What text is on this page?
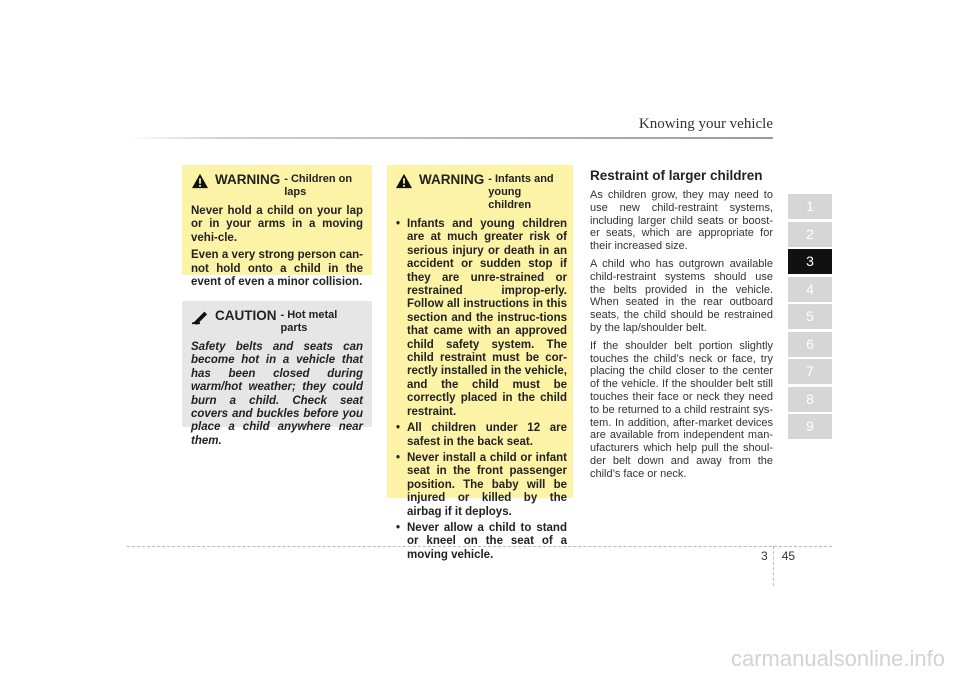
Knowing your vehicle
WARNING - Children on laps

Never hold a child on your lap or in your arms in a moving vehi-cle.

Even a very strong person can-not hold onto a child in the event of even a minor collision.

CAUTION - Hot metal parts

Safety belts and seats can become hot in a vehicle that has been closed during warm/hot weather; they could burn a child. Check seat covers and buckles before you place a child anywhere near them.

WARNING - Infants and young children
• Infants and young children are at much greater risk of serious injury or death in an accident or sudden stop if they are unre-strained or restrained improp-erly. Follow all instructions in this section and the instruc-tions that came with an approved child safety system. The child restraint must be cor-rectly installed in the vehicle, and the child must be correctly placed in the child restraint.
• All children under 12 are safest in the back seat.
• Never install a child or infant seat in the front passenger position. The baby will be injured or killed by the airbag if it deploys.
• Never allow a child to stand or kneel on the seat of a moving vehicle.
Restraint of larger children

As children grow, they may need to use new child-restraint systems, including larger child seats or boost-er seats, which are appropriate for their increased size.

A child who has outgrown available child-restraint systems should use the belts provided in the vehicle. When seated in the rear outboard seats, the child should be restrained by the lap/shoulder belt.

If the shoulder belt portion slightly touches the child’s neck or face, try placing the child closer to the center of the vehicle. If the shoulder belt still touches their face or neck they need to be returned to a child restraint sys-tem. In addition, after-market devices are available from independent man-ufacturers which help pull the shoul-der belt down and away from the child’s face or neck.

1
2
3
4
5
6
7
8
9
3 45
carmanualsonline.info
